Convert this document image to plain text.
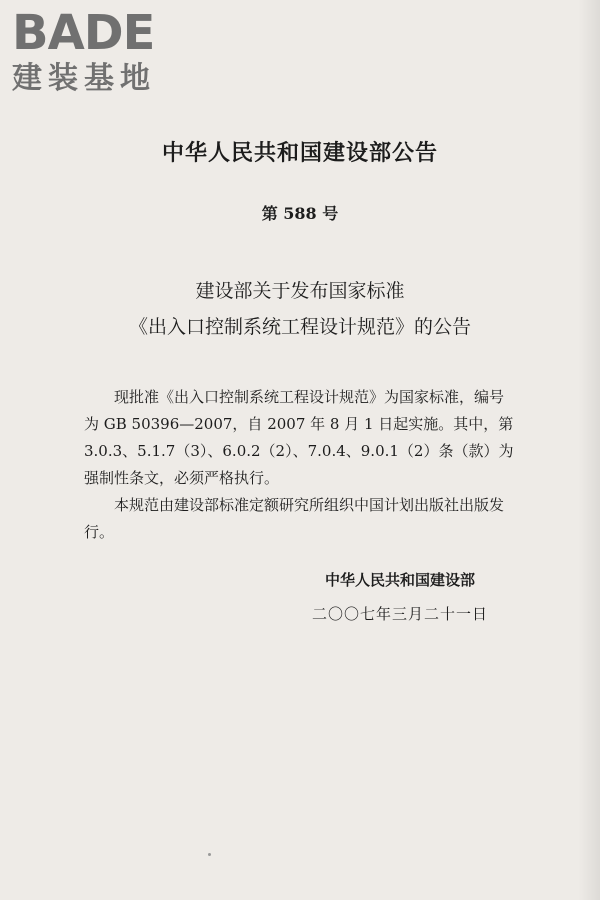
BADE
建装基地
中华人民共和国建设部公告
第 588 号
建设部关于发布国家标准
《出入口控制系统工程设计规范》的公告
现批准《出入口控制系统工程设计规范》为国家标准，编号为 GB 50396—2007，自 2007 年 8 月 1 日起实施。其中，第 3.0.3、5.1.7（3）、6.0.2（2）、7.0.4、9.0.1（2）条（款）为强制性条文，必须严格执行。
本规范由建设部标准定额研究所组织中国计划出版社出版发行。
中华人民共和国建设部
二〇〇七年三月二十一日
